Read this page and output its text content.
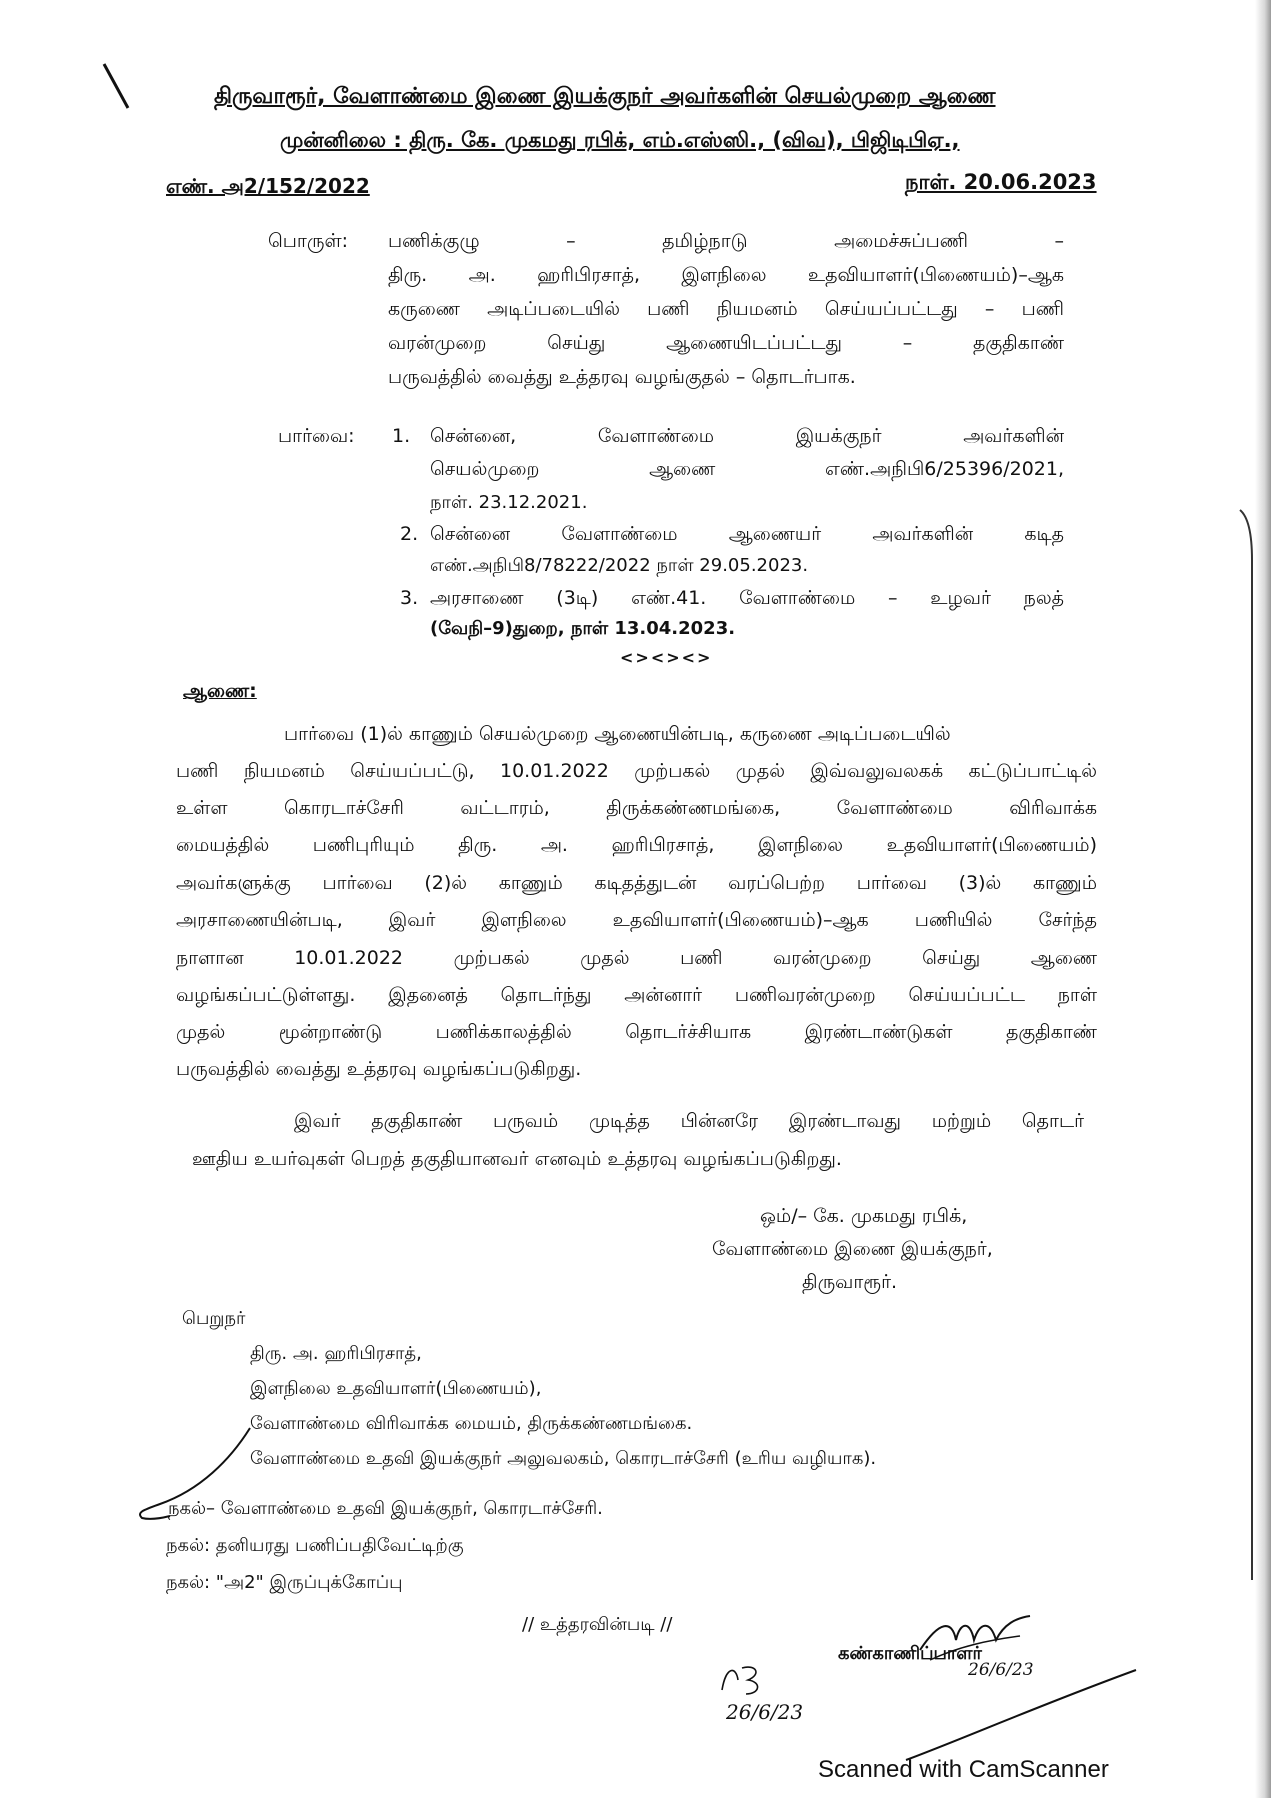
திருவாரூர், வேளாண்மை இணை இயக்குநர் அவர்களின் செயல்முறை ஆணை
முன்னிலை : திரு. கே. முகமது ரபிக், எம்.எஸ்ஸி., (விவ), பிஜிடிபிஏ.,
எண். அ2/152/2022	நாள். 20.06.2023
பொருள்: பணிக்குழு	–	தமிழ்நாடு	அமைச்சுப்பணி	–
திரு. அ. ஹரிபிரசாத், இளநிலை உதவியாளர்(பிணையம்)–ஆக
கருணை அடிப்படையில் பணி நியமனம் செய்யப்பட்டது – பணி
வரன்முறை செய்து ஆணையிடப்பட்டது – தகுதிகாண்
பருவத்தில் வைத்து உத்தரவு வழங்குதல் – தொடர்பாக.
பார்வை: 1. சென்னை, வேளாண்மை இயக்குநர் அவர்களின்
செயல்முறை ஆணை எண்.அநிபி6/25396/2021,
நாள். 23.12.2021.
2. சென்னை வேளாண்மை ஆணையர் அவர்களின் கடித
எண்.அநிபி8/78222/2022 நாள் 29.05.2023.
3. அரசாணை (3டி) எண்.41. வேளாண்மை – உழவர் நலத்
(வேநி–9)துறை, நாள் 13.04.2023.
<><><>
ஆணை:
பார்வை (1)ல் காணும் செயல்முறை ஆணையின்படி, கருணை அடிப்படையில்
பணி நியமனம் செய்யப்பட்டு, 10.01.2022 முற்பகல் முதல் இவ்வலுவலகக் கட்டுப்பாட்டில்
உள்ள கொரடாச்சேரி வட்டாரம், திருக்கண்ணமங்கை, வேளாண்மை விரிவாக்க
மையத்தில் பணிபுரியும் திரு. அ. ஹரிபிரசாத், இளநிலை உதவியாளர்(பிணையம்)
அவர்களுக்கு பார்வை (2)ல் காணும் கடிதத்துடன் வரப்பெற்ற பார்வை (3)ல் காணும்
அரசாணையின்படி, இவர் இளநிலை உதவியாளர்(பிணையம்)–ஆக பணியில் சேர்ந்த
நாளான 10.01.2022 முற்பகல் முதல் பணி வரன்முறை செய்து ஆணை
வழங்கப்பட்டுள்ளது. இதனைத் தொடர்ந்து அன்னார் பணிவரன்முறை செய்யப்பட்ட நாள்
முதல் மூன்றாண்டு பணிக்காலத்தில் தொடர்ச்சியாக இரண்டாண்டுகள் தகுதிகாண்
பருவத்தில் வைத்து உத்தரவு வழங்கப்படுகிறது.
இவர் தகுதிகாண் பருவம் முடித்த பின்னரே இரண்டாவது மற்றும் தொடர்
ஊதிய உயர்வுகள் பெறத் தகுதியானவர் எனவும் உத்தரவு வழங்கப்படுகிறது.
ஒம்/– கே. முகமது ரபிக்,
வேளாண்மை இணை இயக்குநர்,
திருவாரூர்.
பெறுநர்
திரு. அ. ஹரிபிரசாத்,
இளநிலை உதவியாளர்(பிணையம்),
வேளாண்மை விரிவாக்க மையம், திருக்கண்ணமங்கை.
வேளாண்மை உதவி இயக்குநர் அலுவலகம், கொரடாச்சேரி (உரிய வழியாக).
நகல்– வேளாண்மை உதவி இயக்குநர், கொரடாச்சேரி.
நகல்: தனியரது பணிப்பதிவேட்டிற்கு
நகல்: "அ2" இருப்புக்கோப்பு
// உத்தரவின்படி //
கண்காணிப்பாளர்
26/6/23
26/6/23
Scanned with CamScanner
